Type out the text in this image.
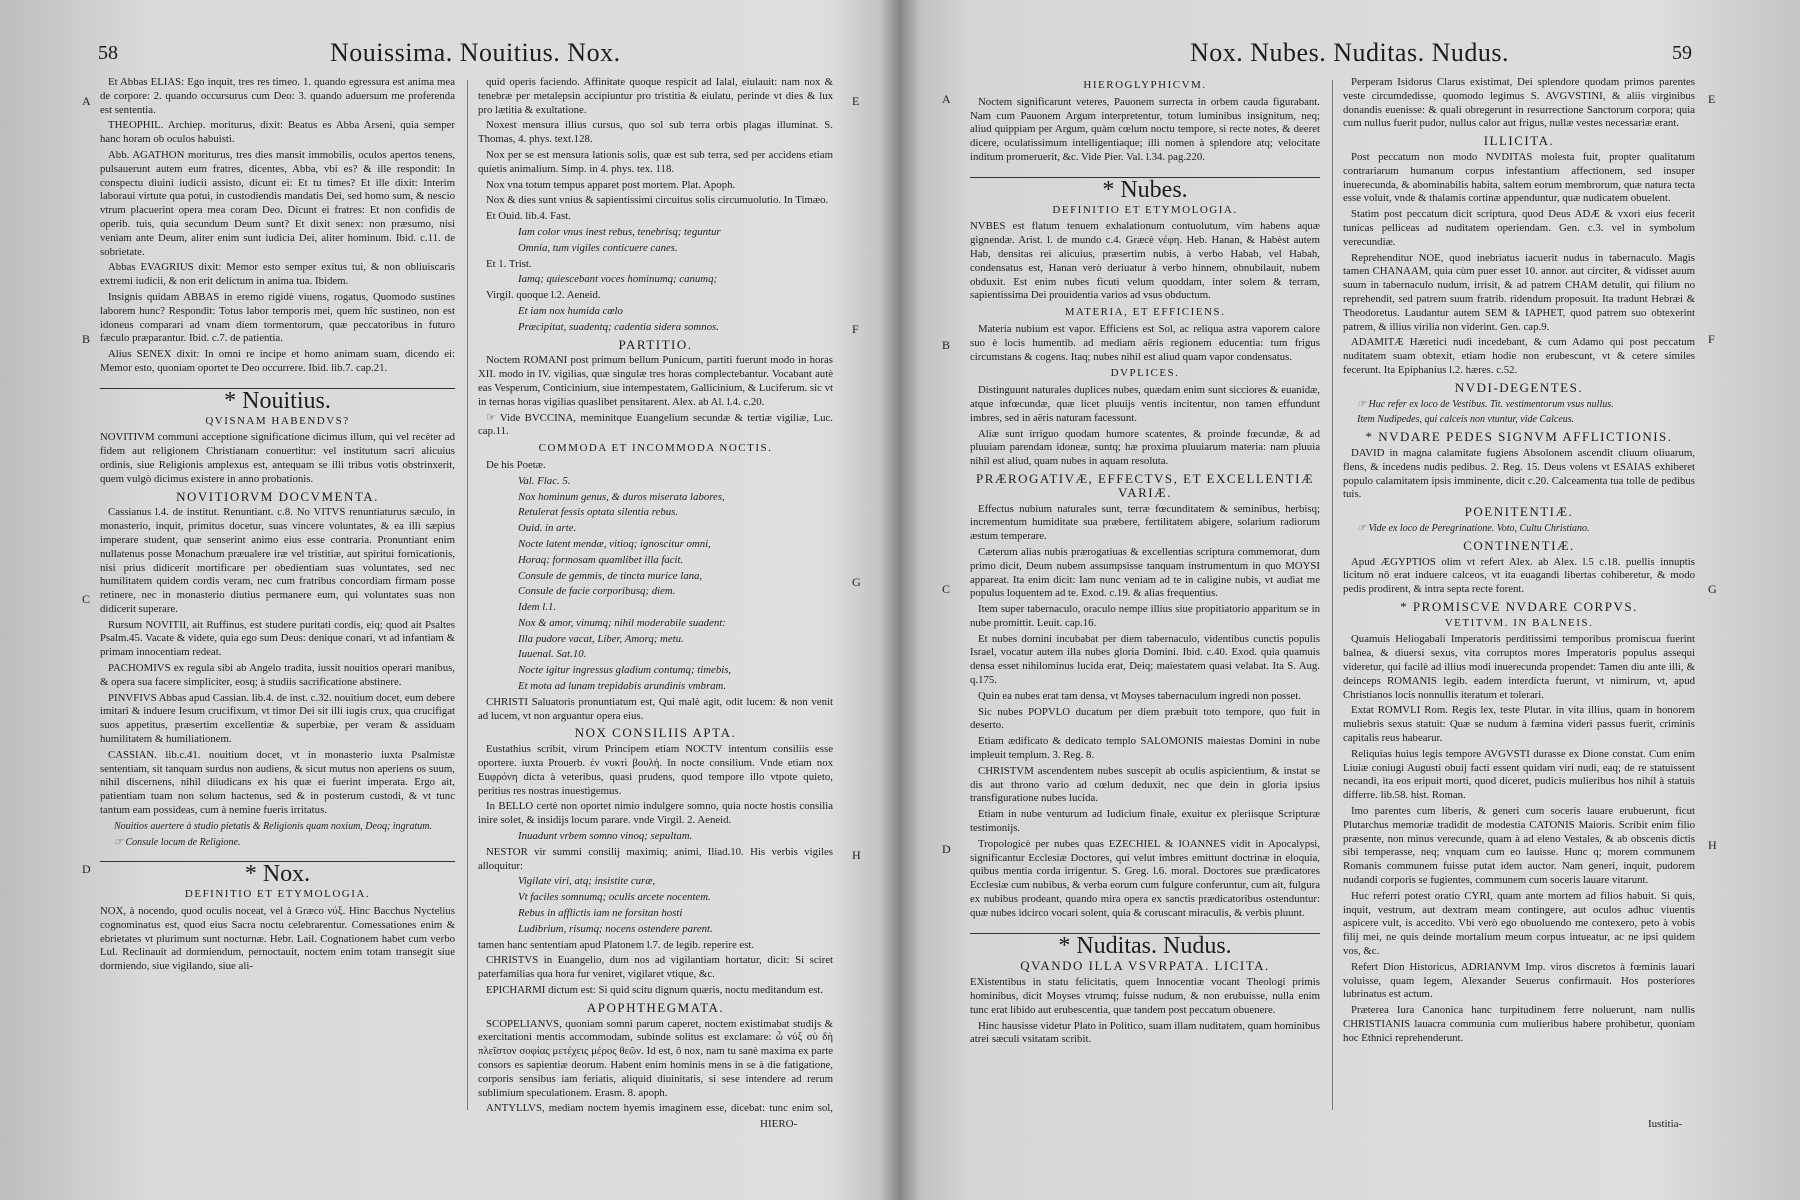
58	Nouissima. Nouitius. Nox.
A
B
C
D
E
F
G
H

Et Abbas ELIAS: Ego inquit, tres res timeo. 1. quando egressura est anima mea de corpore: 2. quando occursurus cum Deo: 3. quando aduersum me proferenda est sententia.

THEOPHIL. Archiep. moriturus, dixit: Beatus es Abba Arseni, quia semper hanc horam ob oculos habuisti.

Abb. AGATHON moriturus, tres dies mansit immobilis, oculos apertos tenens, pulsauerunt autem eum fratres, dicentes, Abba, vbi es? & ille respondit: In conspectu diuini iudicii assisto, dicunt ei: Et tu times? Et ille dixit: Interim laboraui virtute qua potui, in custodiendis mandatis Dei, sed homo sum, & nescio vtrum placuerint opera mea coram Deo. Dicunt ei fratres: Et non confidis de operib. tuis, quia secundum Deum sunt? Et dixit senex: non præsumo, nisi veniam ante Deum, aliter enim sunt iudicia Dei, aliter hominum. Ibid. c.11. de sobrietate.

Abbas EVAGRIUS dixit: Memor esto semper exitus tui, & non obliuiscaris extremi iudicii, & non erit delictum in anima tua. Ibidem.

Insignis quidam ABBAS in eremo rigidè viuens, rogatus, Quomodo sustines laborem hunc? Respondit: Totus labor temporis mei, quem hîc sustineo, non est idoneus comparari ad vnam diem tormentorum, quæ peccatoribus in futuro fæculo præparantur. Ibid. c.7. de patientia.

Alius SENEX dixit: In omni re incipe et homo animam suam, dicendo ei: Memor esto, quoniam oportet te Deo occurrere. Ibid. lib.7. cap.21.

* Nouitius.
QVISNAM HABENDVS?

NOVITIVM communi acceptione significatione dicimus illum, qui vel recèter ad fidem aut religionem Christianam conuertitur: vel institutum sacri alicuius ordinis, siue Religionis amplexus est, antequam se illi tribus votis obstrinxerit, quem vulgò dicimus existere in anno probationis.

NOVITIORVM DOCVMENTA.

Cassianus l.4. de institut. Renuntiant. c.8. No VITVS renuntiaturus sæculo, in monasterio, inquit, primitus docetur, suas vincere voluntates, & ea illi sæpius imperare student, quæ senserint animo eius esse contraria. Pronuntiant enim nullatenus posse Monachum præualere iræ vel tristitiæ, aut spiritui fornicationis, nisi prius didicerit mortificare per obedientiam suas voluntates, sed nec humilitatem quidem cordis veram, nec cum fratribus concordiam firmam posse retinere, nec in monasterio diutius permanere eum, qui voluntates suas non didicerit superare.

Rursum NOVITII, ait Ruffinus, est studere puritati cordis, eiq; quod ait Psaltes Psalm.45. Vacate & videte, quia ego sum Deus: denique conari, vt ad infantiam & primam innocentiam redeat.

PACHOMIVS ex regula sibi ab Angelo tradita, iussit nouitios operari manibus, & opera sua facere simpliciter, eosq; à studiis sacrificatione abstinere.

PINVFIVS Abbas apud Cassian. lib.4. de inst. c.32. nouitium docet, eum debere imitari & induere Iesum crucifixum, vt timor Dei sit illi iugis crux, qua crucifigat suos appetitus, præsertim excellentiæ & superbiæ, per veram & assiduam humilitatem & humiliationem.

CASSIAN. lib.c.41. nouitium docet, vt in monasterio iuxta Psalmistæ sententiam, sit tanquam surdus non audiens, & sicut mutus non aperiens os suum, nihil discernens, nihil diiudicans ex his quæ ei fuerint imperata. Ergo ait, patientiam tuam non solum hactenus, sed & in posterum custodi, & vt tunc tantum eam possideas, cum à nemine fueris irritatus.

Nouitios auertere à studio pietatis & Religionis quam noxium, Deoq; ingratum.

☞ Consule locum de Religione.

* Nox.
DEFINITIO ET ETYMOLOGIA.

NOX, à nocendo, quod oculis noceat, vel à Græco νύξ. Hinc Bacchus Nyctelius cognominatus est, quod eius Sacra noctu celebrarentur. Comessationes enim & ebrietates vt plurimum sunt nocturnæ. Hebr. Lail. Cognationem habet cum verbo Lul. Reclinauit ad dormiendum, pernoctauit, noctem enim totam transegit siue dormiendo, siue vigilando, siue ali-

quid operis faciendo. Affinitate quoque respicit ad Ialal, eiulauit: nam nox & tenebræ per metalepsin accipiuntur pro tristitia & eiulatu, perinde vt dies & lux pro lætitia & exultatione.

Noxest mensura illius cursus, quo sol sub terra orbis plagas illuminat. S. Thomas, 4. phys. text.128.

Nox per se est mensura lationis solis, quæ est sub terra, sed per accidens etiam quietis animalium. Simp. in 4. phys. tex. 118.

Nox vna totum tempus apparet post mortem. Plat. Apoph.

Nox & dies sunt vnius & sapientissimi circuitus solis circumuolutio. In Timæo.

Et Ouid. lib.4. Fast.

Iam color vnus inest rebus, tenebrisq; teguntur

Omnia, tum vigiles conticuere canes.

Et 1. Trist.

Iamq; quiescebant voces hominumq; canumq;

Virgil. quoque l.2. Aeneid.

Et iam nox humida cœlo

Præcipitat, suadentq; cadentia sidera somnos.

PARTITIO.

Noctem ROMANI post primum bellum Punicum, partiti fuerunt modo in horas XII. modo in IV. vigilias, quæ singulæ tres horas complectebantur. Vocabant autè eas Vesperum, Conticinium, siue intempestatem, Gallicinium, & Luciferum. sic vt in ternas horas vigilias quaslibet pensitarent. Alex. ab Al. l.4. c.20.

☞ Vide BVCCINA, meminitque Euangelium secundæ & tertiæ vigiliæ, Luc. cap.11.

COMMODA ET INCOMMODA NOCTIS.

De his Poetæ.

Val. Flac. 5.

Nox hominum genus, & duros miserata labores,

Retulerat fessis optata silentia rebus.

Ouid. in arte.

Nocte latent mendæ, vitioq; ignoscitur omni,

Horaq; formosam quamlibet illa facit.

Consule de gemmis, de tincta murice lana,

Consule de facie corporibusq; diem.

Idem l.1.

Nox & amor, vinumq; nihil moderabile suadent:

Illa pudore vacat, Liber, Amorq; metu.

Iuuenal. Sat.10.

Nocte igitur ingressus gladium contumq; timebis,

Et mota ad lunam trepidabis arundinis vmbram.

CHRISTI Saluatoris pronuntiatum est, Qui malè agit, odit lucem: & non venit ad lucem, vt non arguantur opera eius.

NOX CONSILIIS APTA.

Eustathius scribit, virum Principem etiam NOCTV intentum consiliis esse oportere. iuxta Prouerb. ἐν νυκτὶ βουλή. In nocte consilium. Vnde etiam nox Euφρόνη dicta à veteribus, quasi prudens, quod tempore illo vtpote quieto, peritius res nostras inuestigemus.

In BELLO certè non oportet nimio indulgere somno, quia nocte hostis consilia inire solet, & insidijs locum parare. vnde Virgil. 2. Aeneid.

Inuadunt vrbem somno vinoq; sepultam.

NESTOR vir summi consilij maximiq; animi, Iliad.10. His verbis vigiles alloquitur:

Vigilate viri, atq; insistite curæ,

Vt faciles somnumq; oculis arcete nocentem.

Rebus in afflictis iam ne forsitan hosti

Ludibrium, risumq; nocens ostendere parent.

tamen hanc sententiam apud Platonem l.7. de legib. reperire est.

CHRISTVS in Euangelio, dum nos ad vigilantiam hortatur, dicit: Si sciret paterfamilias qua hora fur veniret, vigilaret vtique, &c.

EPICHARMI dictum est: Si quid scitu dignum quæris, noctu meditandum est.

APOPHTHEGMATA.

SCOPELIANVS, quoniam somni parum caperet, noctem existimabat studijs & exercitationi mentis accommodam, subinde solitus est exclamare: ὦ νύξ σὺ δὴ πλεῖστον σοφίας μετέχεις μέρος θεῶν. Id est, ô nox, nam tu sanè maxima ex parte consors es sapientiæ deorum. Habent enim hominis mens in se à die fatigatione, corporis sensibus iam feriatis, aliquid diuinitatis, si sese intendere ad rerum sublimium speculationem. Erasm. 8. apoph.

ANTYLLVS, mediam noctem hyemis imaginem esse, dicebat: tunc enim sol,

HIERO-
Nox. Nubes. Nuditas. Nudus.	59
A
B
C
D
E
F
G
H
HIEROGLYPHICVM.

Noctem significarunt veteres, Pauonem surrecta in orbem cauda figurabant. Nam cum Pauonem Argum interpretentur, totum luminibus insignitum, neq; aliud quippiam per Argum, quàm cœlum noctu tempore, si recte notes, & deeret dicere, oculatissimum intelligentiaque; illi nomen à splendore atq; velocitate inditum promeruerit, &c. Vide Pier. Val. l.34. pag.220.

* Nubes.
DEFINITIO ET ETYMOLOGIA.

NVBES est flatum tenuem exhalationum contuolutum, vim habens aquæ gignendæ. Arist. l. de mundo c.4. Græcè νέφη. Heb. Hanan, & Habèst autem Hab, densitas rei alicuius, præsertim nubis, à verbo Habab, vel Habah, condensatus est, Hanan verò deriuatur à verbo hinnem, obnubilauit, nubem obduxit. Est enim nubes ficuti velum quoddam, inter solem & terram, sapientissima Dei prouidentia varios ad vsus obductum.

MATERIA, ET EFFICIENS.

Materia nubium est vapor. Efficiens est Sol, ac reliqua astra vaporem calore suo è locis humentib. ad mediam aëris regionem educentia: tum frigus circumstans & cogens. Itaq; nubes nihil est aliud quam vapor condensatus.

DVPLICES.

Distinguunt naturales duplices nubes, quædam enim sunt sicciores & euanidæ, atque infœcundæ, quæ licet pluuijs ventis incitentur, non tamen effundunt imbres, sed in aëris naturam facessunt.

Aliæ sunt irriguo quodam humore scatentes, & proinde fœcundæ, & ad pluuiam parendam idoneæ, suntq; hæ proxima pluuiarum materia: nam pluuia nihil est aliud, quam nubes in aquam resoluta.

PRÆROGATIVÆ, EFFECTVS, ET EXCELLENTIÆ VARIÆ.

Effectus nubium naturales sunt, terræ fœcunditatem & seminibus, herbisq; incrementum humiditate sua præbere, fertilitatem abigere, solarium radiorum æstum temperare.

Cæterum alias nubis prærogatiuas & excellentias scriptura commemorat, dum primo dicit, Deum nubem assumpsisse tanquam instrumentum in quo MOYSI appareat. Ita enim dicit: Iam nunc veniam ad te in caligine nubis, vt audiat me populus loquentem ad te. Exod. c.19. & alias frequentius.

Item super tabernaculo, oraculo nempe illius siue propitiatorio apparitum se in nube promittit. Leuit. cap.16.

Et nubes domini incubabat per diem tabernaculo, videntibus cunctis populis Israel, vocatur autem illa nubes gloria Domini. Ibid. c.40. Exod. quia quamuis densa esset nihilominus lucida erat, Deiq; maiestatem quasi velabat. Ita S. Aug. q.175.

Quin ea nubes erat tam densa, vt Moyses tabernaculum ingredi non posset.

Sic nubes POPVLO ducatum per diem præbuit toto tempore, quo fuit in deserto.

Etiam ædificato & dedicato templo SALOMONIS maiestas Domini in nube impleuit templum. 3. Reg. 8.

CHRISTVM ascendentem nubes suscepit ab oculis aspicientium, & instat se dis aut throno vario ad cœlum deduxit, nec que dein in gloria ipsius transfiguratione nubes lucida.

Etiam in nube venturum ad Iudicium finale, exuitur ex pleriisque Scripturæ testimonijs.

Tropologicè per nubes quas EZECHIEL & IOANNES vidit in Apocalypsi, significantur Ecclesiæ Doctores, qui velut imbres emittunt doctrinæ in eloquia, quibus mentia corda irrigentur. S. Greg. l.6. moral. Doctores sue prædicatores Ecclesiæ cum nubibus, & verba eorum cum fulgure conferuntur, cum ait, fulgura ex nubibus prodeant, quando mira opera ex sanctis prædicatoribus ostenduntur: quæ nubes idcirco vocari solent, quia & coruscant miraculis, & verbis pluunt.

* Nuditas. Nudus.
QVANDO ILLA VSVRPATA. LICITA.

EXistentibus in statu felicitatis, quem Innocentiæ vocant Theologi primis hominibus, dicit Moyses vtrumq; fuisse nudum, & non erubuisse, nulla enim tunc erat libido aut erubescentia, quæ tandem post peccatum obuenere.

Hinc hausisse videtur Plato in Politico, suam illam nuditatem, quam hominibus atrei sæculi vsitatam scribit.

Perperam Isidorus Clarus existimat, Dei splendore quodam primos parentes veste circumdedisse, quomodo legimus S. AVGVSTINI, & aliis virginibus donandis euenisse: & quali obregerunt in resurrectione Sanctorum corpora; quia cum nullus fuerit pudor, nullus calor aut frigus, nullæ vestes necessariæ erant.

ILLICITA.

Post peccatum non modo NVDITAS molesta fuit, propter qualitatum contrariarum humanum corpus infestantium affectionem, sed insuper inuerecunda, & abominabilis habita, saltem eorum membrorum, quæ natura tecta esse voluit, vnde & thalamis cortinæ appenduntur, quæ nudicatem obuelent.

Statim post peccatum dicit scriptura, quod Deus ADÆ & vxori eius fecerit tunicas pelliceas ad nuditatem operiendam. Gen. c.3. vel in symbolum verecundiæ.

Reprehenditur NOE, quod inebriatus iacuerit nudus in tabernaculo. Magis tamen CHANAAM, quia cùm puer esset 10. annor. aut circiter, & vidisset auum suum in tabernaculo nudum, irrisit, & ad patrem CHAM detulit, qui filium no reprehendit, sed patrem suum fratrib. ridendum proposuit. Ita tradunt Hebræi & Theodoretus. Laudantur autem SEM & IAPHET, quod patrem suo obtexerint patrem, & illius virilia non viderint. Gen. cap.9.

ADAMITÆ Hæretici nudi incedebant, & cum Adamo qui post peccatum nuditatem suam obtexit, etiam hodie non erubescunt, vt & cetere similes fecerunt. Ita Epiphanius l.2. hæres. c.52.

NVDI-DEGENTES.

☞ Huc refer ex loco de Vestibus. Tit. vestimentorum vsus nullus.

Item Nudipedes, qui calceis non vtuntur, vide Calceus.

* NVDARE PEDES SIGNVM AFFLICTIONIS.

DAVID in magna calamitate fugiens Absolonem ascendit cliuum oliuarum, flens, & incedens nudis pedibus. 2. Reg. 15. Deus volens vt ESAIAS exhiberet populo calamitatem ipsis imminente, dicit c.20. Calceamenta tua tolle de pedibus tuis.

POENITENTIÆ.

☞ Vide ex loco de Peregrinatione. Voto, Cultu Christiano.

CONTINENTIÆ.

Apud ÆGYPTIOS olim vt refert Alex. ab Alex. l.5 c.18. puellis innuptis licitum nō erat induere calceos, vt ita euagandi libertas cohiberetur, & modo pedis prodirent, & intra septa recte forent.

* PROMISCVE NVDARE CORPVS.
VETITVM. IN BALNEIS.

Quamuis Heliogabali Imperatoris perditissimi temporibus promiscua fuerint balnea, & diuersi sexus, vita corruptos mores Imperatoris populus assequi videretur, qui facilè ad illius modi inuerecunda propendet: Tamen diu ante illi, & deinceps ROMANIS legib. eadem interdicta fuerunt, vt nimirum, vt, apud Christianos locis nonnullis iteratum et tolerari.

Extat ROMVLI Rom. Regis lex, teste Plutar. in vita illius, quam in honorem muliebris sexus statuit: Quæ se nudum à fæmina videri passus fuerit, criminis capitalis reus habearur.

Reliquias huius legis tempore AVGVSTI durasse ex Dione constat. Cum enim Liuiæ coniugi Augusti obuij facti essent quidam viri nudi, eaq; de re statuissent necandi, ita eos eripuit morti, quod diceret, pudicis mulieribus hos nihil à statuis differre. lib.58. hist. Roman.

Imo parentes cum liberis, & generi cum soceris lauare erubuerunt, ficut Plutarchus memoriæ tradidit de modestia CATONIS Maioris. Scribit enim filio præsente, non minus verecunde, quam à ad eleno Vestales, & ab obscenis dictis sibi temperasse, neq; vnquam cum eo lauisse. Hunc q; morem communem Romanis communem fuisse putat idem auctor. Nam generi, inquit, pudorem nudandi corporis se fugientes, communem cum soceris lauare vitarunt.

Huc referri potest oratio CYRI, quam ante mortem ad filios habuit. Si quis, inquit, vestrum, aut dextram meam contingere, aut oculos adhuc viuentis aspicere vult, is accedito. Vbi verò ego obuoluendo me contexero, peto à vobis filij mei, ne quis deinde mortalium meum corpus intueatur, ac ne ipsi quidem vos, &c.

Refert Dion Historicus, ADRIANVM Imp. viros discretos à fœminis lauari voluisse, quam legem, Alexander Seuerus confirmauit. Hos posteriores lubrinatus est actum.

Præterea Iura Canonica hanc turpitudinem ferre noluerunt, nam nullis CHRISTIANIS lauacra communia cum mulieribus habere prohibetur, quoniam hoc Ethnici reprehenderunt.

Iustitia-
